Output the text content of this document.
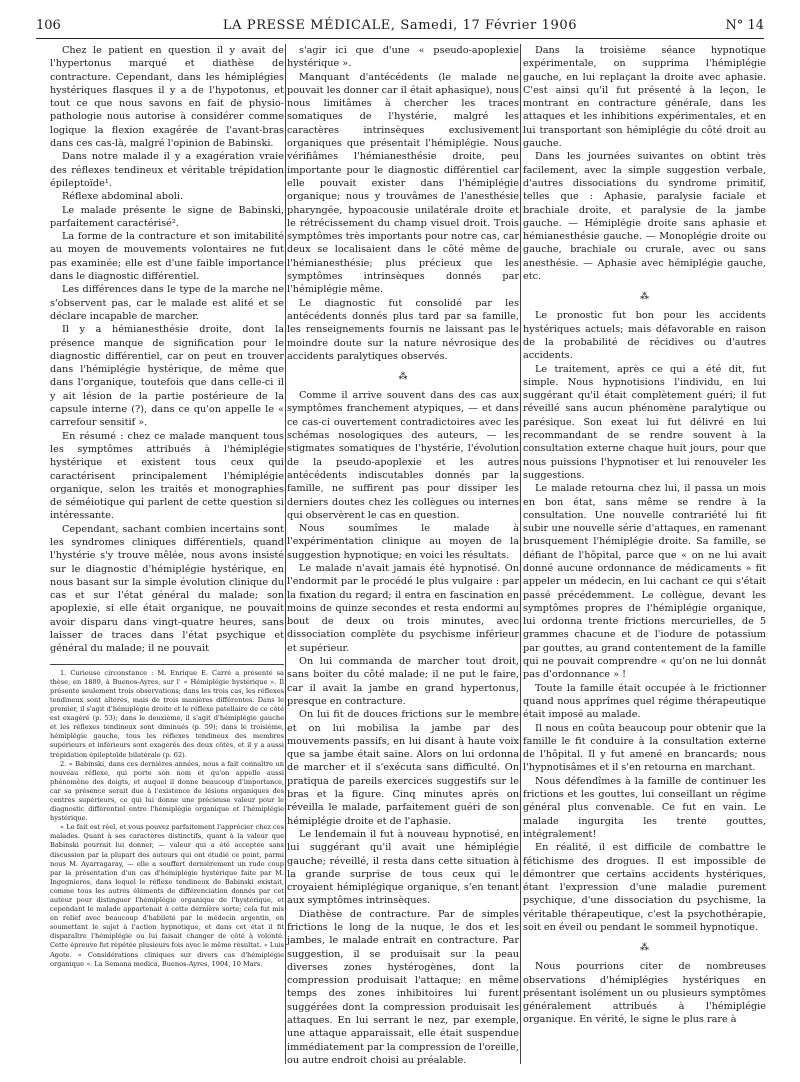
106	LA PRESSE MÉDICALE, Samedi, 17 Février 1906	N° 14

Chez le patient en question il y avait de l'hypertonus marqué et diathèse de contracture. Cependant, dans les hémiplégies hystériques flasques il y a de l'hypotonus, et tout ce que nous savons en fait de physio-pathologie nous autorise à considérer comme logique la flexion exagérée de l'avant-bras dans ces cas-là, malgré l'opinion de Babinski.

Dans notre malade il y a exagération vraie des réflexes tendineux et véritable trépidation épileptoïde¹.

Réflexe abdominal aboli.

Le malade présente le signe de Babinski, parfaitement caractérisé².

La forme de la contracture et son imitabilité au moyen de mouvements volontaires ne fut pas examinée; elle est d'une faible importance dans le diagnostic différentiel.

Les différences dans le type de la marche ne s'observent pas, car le malade est alité et se déclare incapable de marcher.

Il y a hémianesthésie droite, dont la présence manque de signification pour le diagnostic différentiel, car on peut en trouver dans l'hémiplégie hystérique, de même que dans l'organique, toutefois que dans celle-ci il y ait lésion de la partie postérieure de la capsule interne (?), dans ce qu'on appelle le « carrefour sensitif ».

En résumé : chez ce malade manquent tous les symptômes attribués à l'hémiplégie hystérique et existent tous ceux qui caractérisent principalement l'hémiplégie organique, selon les traités et monographies de séméiotique qui parlent de cette question si intéressante.

Cependant, sachant combien incertains sont les syndromes cliniques différentiels, quand l'hystérie s'y trouve mêlée, nous avons insisté sur le diagnostic d'hémiplégie hystérique, en nous basant sur la simple évolution clinique du cas et sur l'état général du malade; son apoplexie, si elle était organique, ne pouvait avoir disparu dans vingt-quatre heures, sans laisser de traces dans l'état psychique et général du malade; il ne pouvait

1. Curieuse circonstance : M. Enrique E. Carré a présenté sa thèse, en 1889, à Buenos-Ayres, sur l' « Hémiplégie hystérique ». Il présente seulement trois observations; dans les trois cas, les réflexes tendineux sont altérés, mais de trois manières différentes. Dans le premier, il s'agit d'hémiplégie droite et le réflexe patellaire de ce côté est exagéré (p. 53); dans le deuxième, il s'agit d'hémiplégie gauche et les réflexes tendineux sont diminués (p. 59); dans le troisième, hémiplégie gauche, tous les réflexes tendineux des membres supérieurs et inférieurs sont exagérés des deux côtés, et il y a aussi trépidation épileptoïde bilatérale (p. 62).

2. « Babinski, dans ces dernières années, nous a fait connaître un nouveau réflexe, qui porte son nom et qu'on appelle aussi phénomène des doigts, et auquel il donne beaucoup d'importance, car sa présence serait due à l'existence de lésions organiques des centres supérieurs, ce qui lui donne une précieuse valeur pour le diagnostic différentiel entre l'hémiplégie organique et l'hémiplégie hystérique.

« Le fait est réel, et vous pouvez parfaitement l'apprécier chez ces malades. Quant à ses caractères distinctifs, quant à la valeur que Babinski pourrait lui donner, — valeur qui a été acceptée sans discussion par la plupart des auteurs qui ont étudié ce point, parmi nous M. Ayarragaray, — elle a souffert dernièrement un rude coup par la présentation d'un cas d'hémiplégie hystérique faite par M. Ingegnieros, dans lequel le réflexe tendineux de Babinski existait, comme tous les autres éléments de différenciation donnés par cet auteur pour distinguer l'hémiplégie organique de l'hystérique, et cependant le malade appartenait à cette dernière sorte; cela fut mis en relief avec beaucoup d'habileté par le médecin argentin, en soumettant le sujet à l'action hypnotique, et dans cet état il fit disparaître l'hémiplégie ou lui faisait changer de côté à volonté. Cette épreuve fut répétée plusieurs fois avec le même résultat. » Luis Agote. « Considérations cliniques sur divers cas d'hémiplégie organique ». La Semana medica, Buenos-Ayres, 1904, 10 Mars.

s'agir ici que d'une « pseudo-apoplexie hystérique ».

Manquant d'antécédents (le malade ne pouvait les donner car il était aphasique), nous nous limitâmes à chercher les traces somatiques de l'hystérie, malgré les caractères intrinsèques exclusivement organiques que présentait l'hémiplégie. Nous vérifiâmes l'hémianesthésie droite, peu importante pour le diagnostic différentiel car elle pouvait exister dans l'hémiplégie organique; nous y trouvâmes de l'anesthésie pharyngée, hypoacousie unilatérale droite et le rétrécissement du champ visuel droit. Trois symptômes très importants pour notre cas, car deux se localisaient dans le côté même de l'hémianesthésie; plus précieux que les symptômes intrinsèques donnés par l'hémiplégie même.

Le diagnostic fut consolidé par les antécédents donnés plus tard par sa famille, les renseignements fournis ne laissant pas le moindre doute sur la nature névrosique des accidents paralytiques observés.

⁂

Comme il arrive souvent dans des cas aux symptômes franchement atypiques, — et dans ce cas-ci ouvertement contradictoires avec les schémas nosologiques des auteurs, — les stigmates somatiques de l'hystérie, l'évolution de la pseudo-apoplexie et les autres antécédents indiscutables donnés par la famille, ne suffirent pas pour dissiper les derniers doutes chez les collègues ou internes qui observèrent le cas en question.

Nous soumîmes le malade à l'expérimentation clinique au moyen de la suggestion hypnotique; en voici les résultats.

Le malade n'avait jamais été hypnotisé. On l'endormit par le procédé le plus vulgaire : par la fixation du regard; il entra en fascination en moins de quinze secondes et resta endormi au bout de deux ou trois minutes, avec dissociation complète du psychisme inférieur et supérieur.

On lui commanda de marcher tout droit, sans boiter du côté malade; il ne put le faire, car il avait la jambe en grand hypertonus, presque en contracture.

On lui fit de douces frictions sur le membre et on lui mobilisa la jambe par des mouvements passifs, en lui disant à haute voix que sa jambe était saine. Alors on lui ordonna de marcher et il s'exécuta sans difficulté. On pratiqua de pareils exercices suggestifs sur le bras et la figure. Cinq minutes après on réveilla le malade, parfaitement guéri de son hémiplégie droite et de l'aphasie.

Le lendemain il fut à nouveau hypnotisé, en lui suggérant qu'il avait une hémiplégie gauche; réveillé, il resta dans cette situation à la grande surprise de tous ceux qui le croyaient hémiplégique organique, s'en tenant aux symptômes intrinsèques.

Diathèse de contracture. Par de simples frictions le long de la nuque, le dos et les jambes, le malade entrait en contracture. Par suggestion, il se produisait sur la peau diverses zones hystérogènes, dont la compression produisait l'attaque; en même temps des zones inhibitoires lui furent suggérées dont la compression produisait les attaques. En lui serrant le nez, par exemple, une attaque apparaissait, elle était suspendue immédiatement par la compression de l'oreille, ou autre endroit choisi au préalable.

Dans la troisième séance hypnotique expérimentale, on supprima l'hémiplégie gauche, en lui replaçant la droite avec aphasie. C'est ainsi qu'il fut présenté à la leçon, le montrant en contracture générale, dans les attaques et les inhibitions expérimentales, et en lui transportant son hémiplégie du côté droit au gauche.

Dans les journées suivantes on obtint très facilement, avec la simple suggestion verbale, d'autres dissociations du syndrome primitif, telles que : Aphasie, paralysie faciale et brachiale droite, et paralysie de la jambe gauche. — Hémiplégie droite sans aphasie et hémianesthésie gauche. — Monoplégie droite ou gauche, brachiale ou crurale, avec ou sans anesthésie. — Aphasie avec hémiplégie gauche, etc.

⁂

Le pronostic fut bon pour les accidents hystériques actuels; mais défavorable en raison de la probabilité de récidives ou d'autres accidents.

Le traitement, après ce qui a été dit, fut simple. Nous hypnotisions l'individu, en lui suggérant qu'il était complètement guéri; il fut réveillé sans aucun phénomène paralytique ou parésique. Son exeat lui fut délivré en lui recommandant de se rendre souvent à la consultation externe chaque huit jours, pour que nous puissions l'hypnotiser et lui renouveler les suggestions.

Le malade retourna chez lui, il passa un mois en bon état, sans même se rendre à la consultation. Une nouvelle contrariété lui fit subir une nouvelle série d'attaques, en ramenant brusquement l'hémiplégie droite. Sa famille, se défiant de l'hôpital, parce que « on ne lui avait donné aucune ordonnance de médicaments » fit appeler un médecin, en lui cachant ce qui s'était passé précédemment. Le collègue, devant les symptômes propres de l'hémiplégie organique, lui ordonna trente frictions mercurielles, de 5 grammes chacune et de l'iodure de potassium par gouttes, au grand contentement de la famille qui ne pouvait comprendre « qu'on ne lui donnât pas d'ordonnance » !

Toute la famille était occupée à le frictionner quand nous apprîmes quel régime thérapeutique était imposé au malade.

Il nous en coûta beaucoup pour obtenir que la famille le fit conduire à la consultation externe de l'hôpital. Il y fut amené en brancards; nous l'hypnotisâmes et il s'en retourna en marchant.

Nous défendîmes à la famille de continuer les frictions et les gouttes, lui conseillant un régime général plus convenable. Ce fut en vain. Le malade ingurgita les trente gouttes, intégralement!

En réalité, il est difficile de combattre le fétichisme des drogues. Il est impossible de démontrer que certains accidents hystériques, étant l'expression d'une maladie purement psychique, d'une dissociation du psychisme, la véritable thérapeutique, c'est la psychothérapie, soit en éveil ou pendant le sommeil hypnotique.

⁂

Nous pourrions citer de nombreuses observations d'hémiplégies hystériques en présentant isolément un ou plusieurs symptômes généralement attribués à l'hémiplégie organique. En vérité, le signe le plus rare à
